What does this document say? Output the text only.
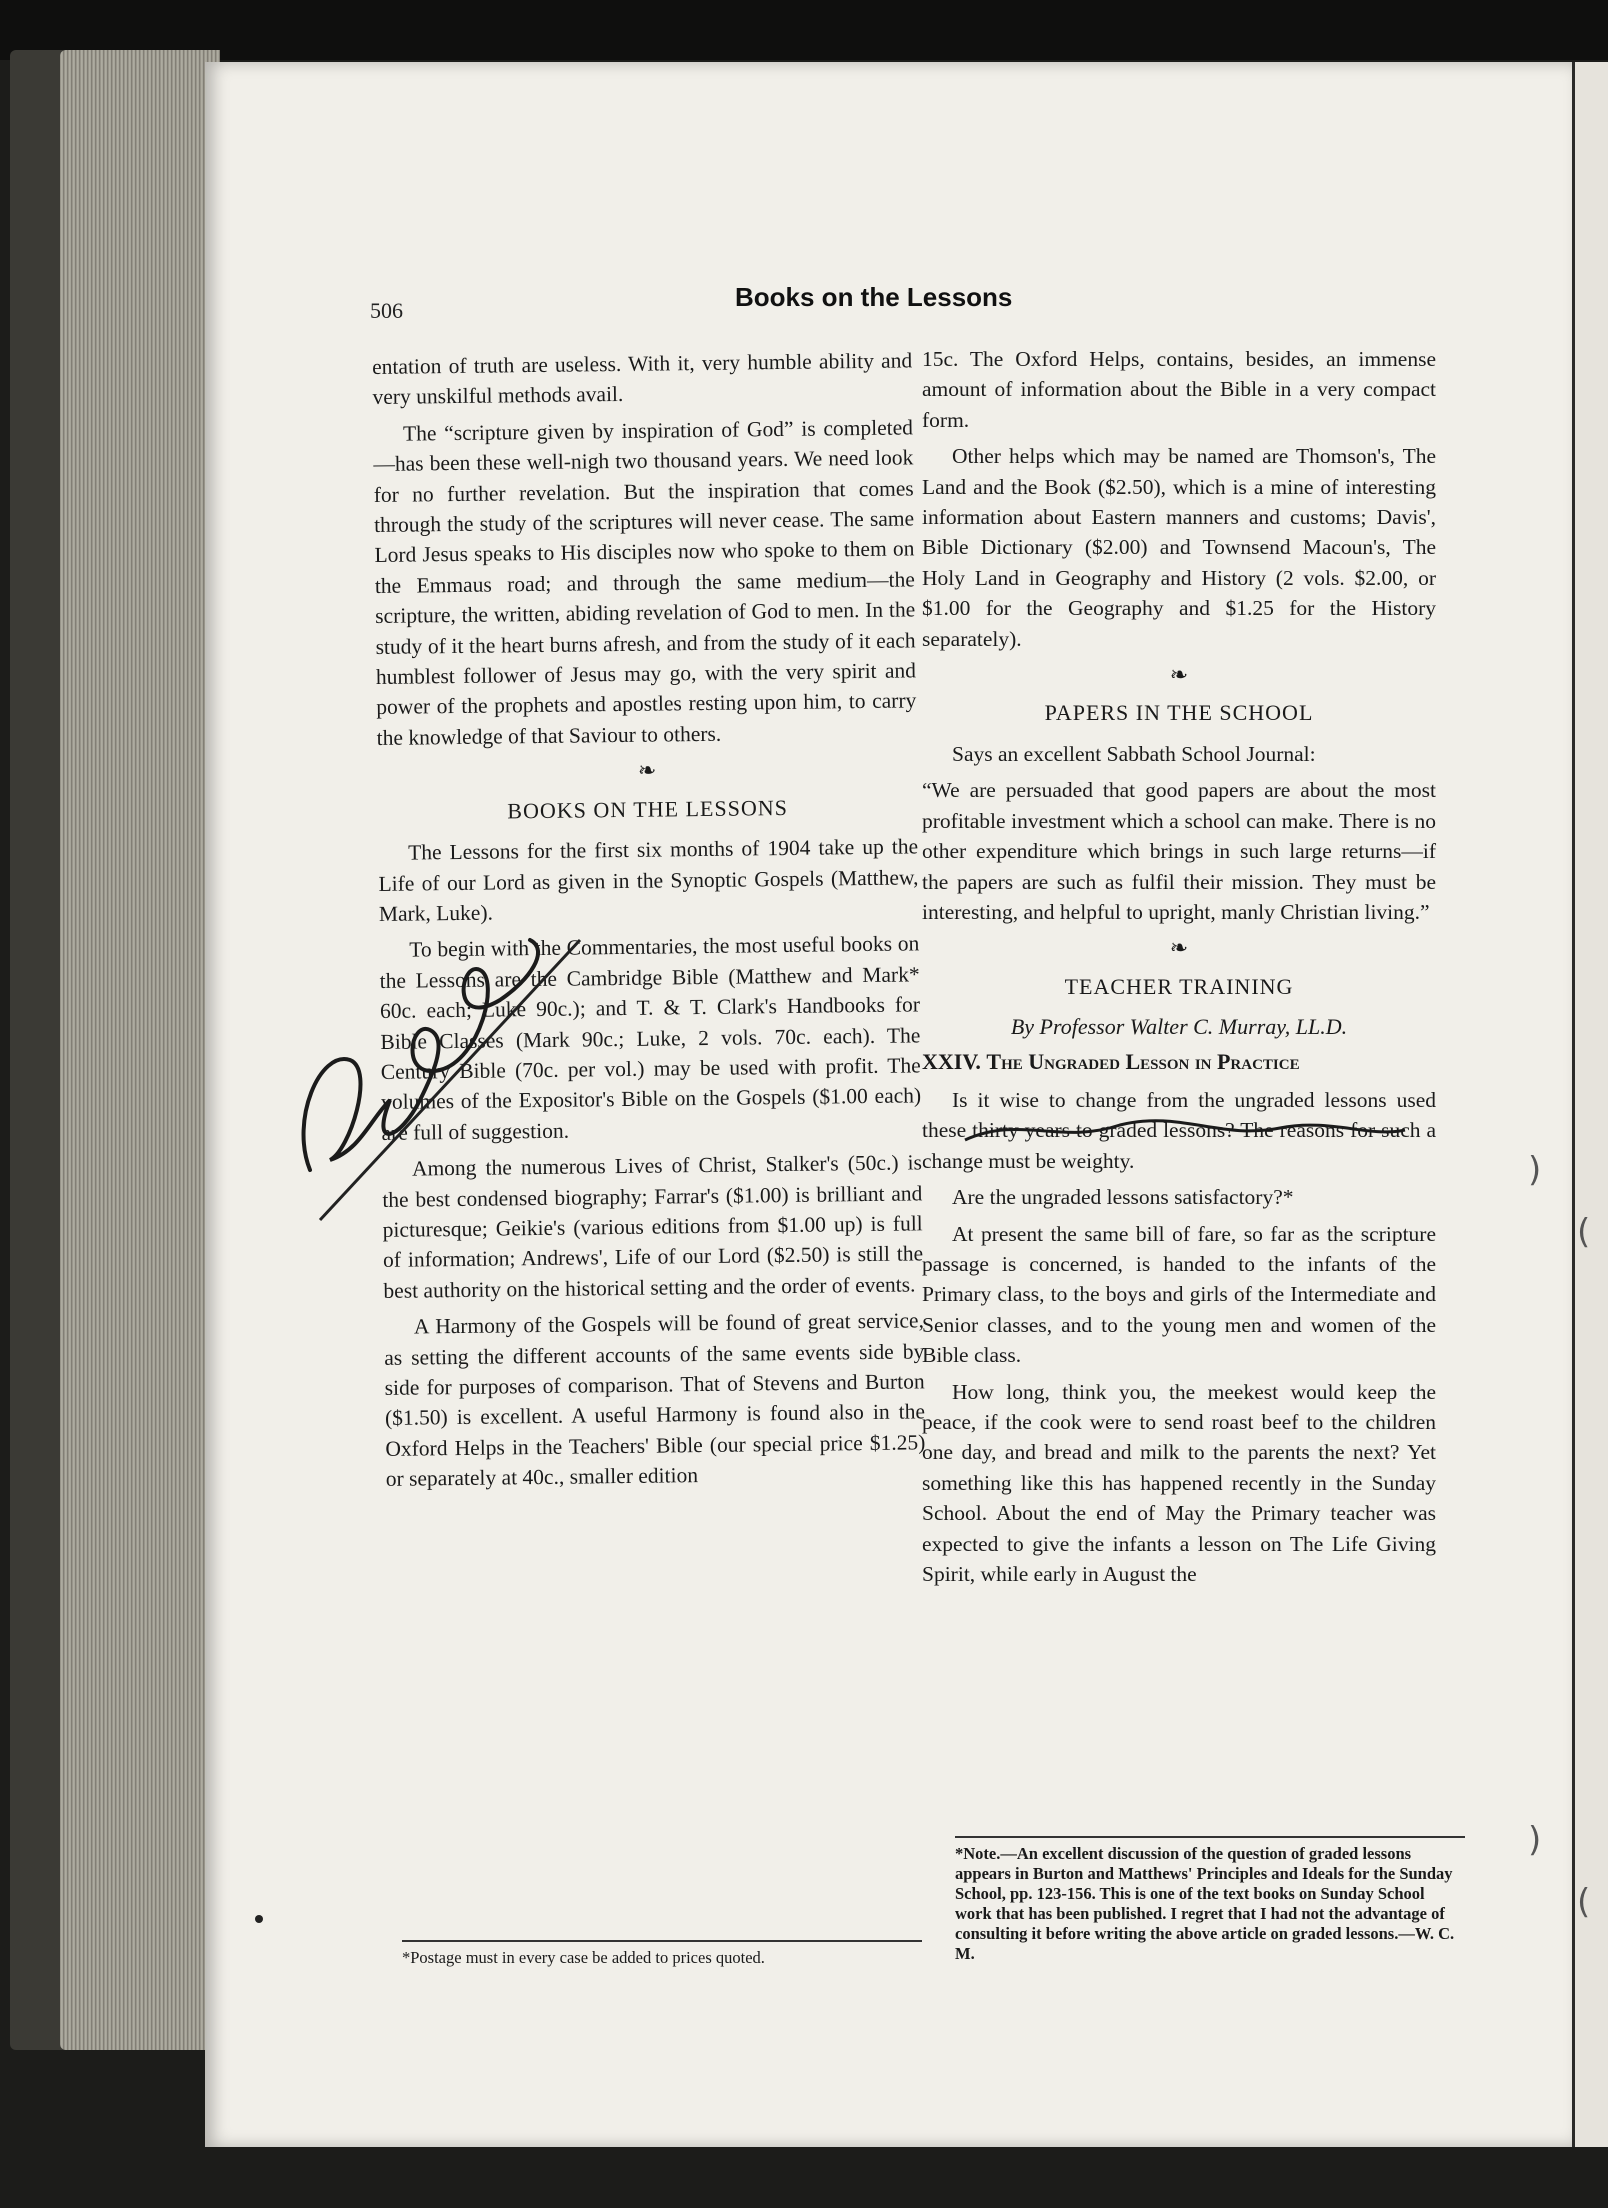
(
(
)
)
506	Books on the Lessons

entation of truth are useless. With it, very humble ability and very unskilful methods avail.

The “scripture given by inspiration of God” is completed—has been these well-nigh two thousand years. We need look for no further revelation. But the inspiration that comes through the study of the scriptures will never cease. The same Lord Jesus speaks to His disciples now who spoke to them on the Emmaus road; and through the same medium—the scripture, the written, abiding revelation of God to men. In the study of it the heart burns afresh, and from the study of it each humblest follower of Jesus may go, with the very spirit and power of the prophets and apostles resting upon him, to carry the knowledge of that Saviour to others.

❧
BOOKS ON THE LESSONS

The Lessons for the first six months of 1904 take up the Life of our Lord as given in the Synoptic Gospels (Matthew, Mark, Luke).

To begin with the Commentaries, the most useful books on the Lessons are the Cambridge Bible (Matthew and Mark* 60c. each; Luke 90c.); and T. & T. Clark's Handbooks for Bible Classes (Mark 90c.; Luke, 2 vols. 70c. each). The Century Bible (70c. per vol.) may be used with profit. The volumes of the Expositor's Bible on the Gospels ($1.00 each) are full of suggestion.

Among the numerous Lives of Christ, Stalker's (50c.) is the best condensed biography; Farrar's ($1.00) is brilliant and picturesque; Geikie's (various editions from $1.00 up) is full of information; Andrews', Life of our Lord ($2.50) is still the best authority on the historical setting and the order of events.

A Harmony of the Gospels will be found of great service, as setting the different accounts of the same events side by side for purposes of comparison. That of Stevens and Burton ($1.50) is excellent. A useful Harmony is found also in the Oxford Helps in the Teachers' Bible (our special price $1.25) or separately at 40c., smaller edition

*Postage must in every case be added to prices quoted.

15c. The Oxford Helps, contains, besides, an immense amount of information about the Bible in a very compact form.

Other helps which may be named are Thomson's, The Land and the Book ($2.50), which is a mine of interesting information about Eastern manners and customs; Davis', Bible Dictionary ($2.00) and Townsend Macoun's, The Holy Land in Geography and History (2 vols. $2.00, or $1.00 for the Geography and $1.25 for the History separately).

❧
PAPERS IN THE SCHOOL

Says an excellent Sabbath School Journal:

“We are persuaded that good papers are about the most profitable investment which a school can make. There is no other expenditure which brings in such large returns—if the papers are such as fulfil their mission. They must be interesting, and helpful to upright, manly Christian living.”

❧
TEACHER TRAINING
By Professor Walter C. Murray, LL.D.
XXIV. The Ungraded Lesson in Practice

Is it wise to change from the ungraded lessons used these thirty years to graded lessons? The reasons for such a change must be weighty.

Are the ungraded lessons satisfactory?*

At present the same bill of fare, so far as the scripture passage is concerned, is handed to the infants of the Primary class, to the boys and girls of the Intermediate and Senior classes, and to the young men and women of the Bible class.

How long, think you, the meekest would keep the peace, if the cook were to send roast beef to the children one day, and bread and milk to the parents the next? Yet something like this has happened recently in the Sunday School. About the end of May the Primary teacher was expected to give the infants a lesson on The Life Giving Spirit, while early in August the

*Note.—An excellent discussion of the question of graded lessons appears in Burton and Matthews' Principles and Ideals for the Sunday School, pp. 123-156. This is one of the text books on Sunday School work that has been published. I regret that I had not the advantage of consulting it before writing the above article on graded lessons.—W. C. M.
